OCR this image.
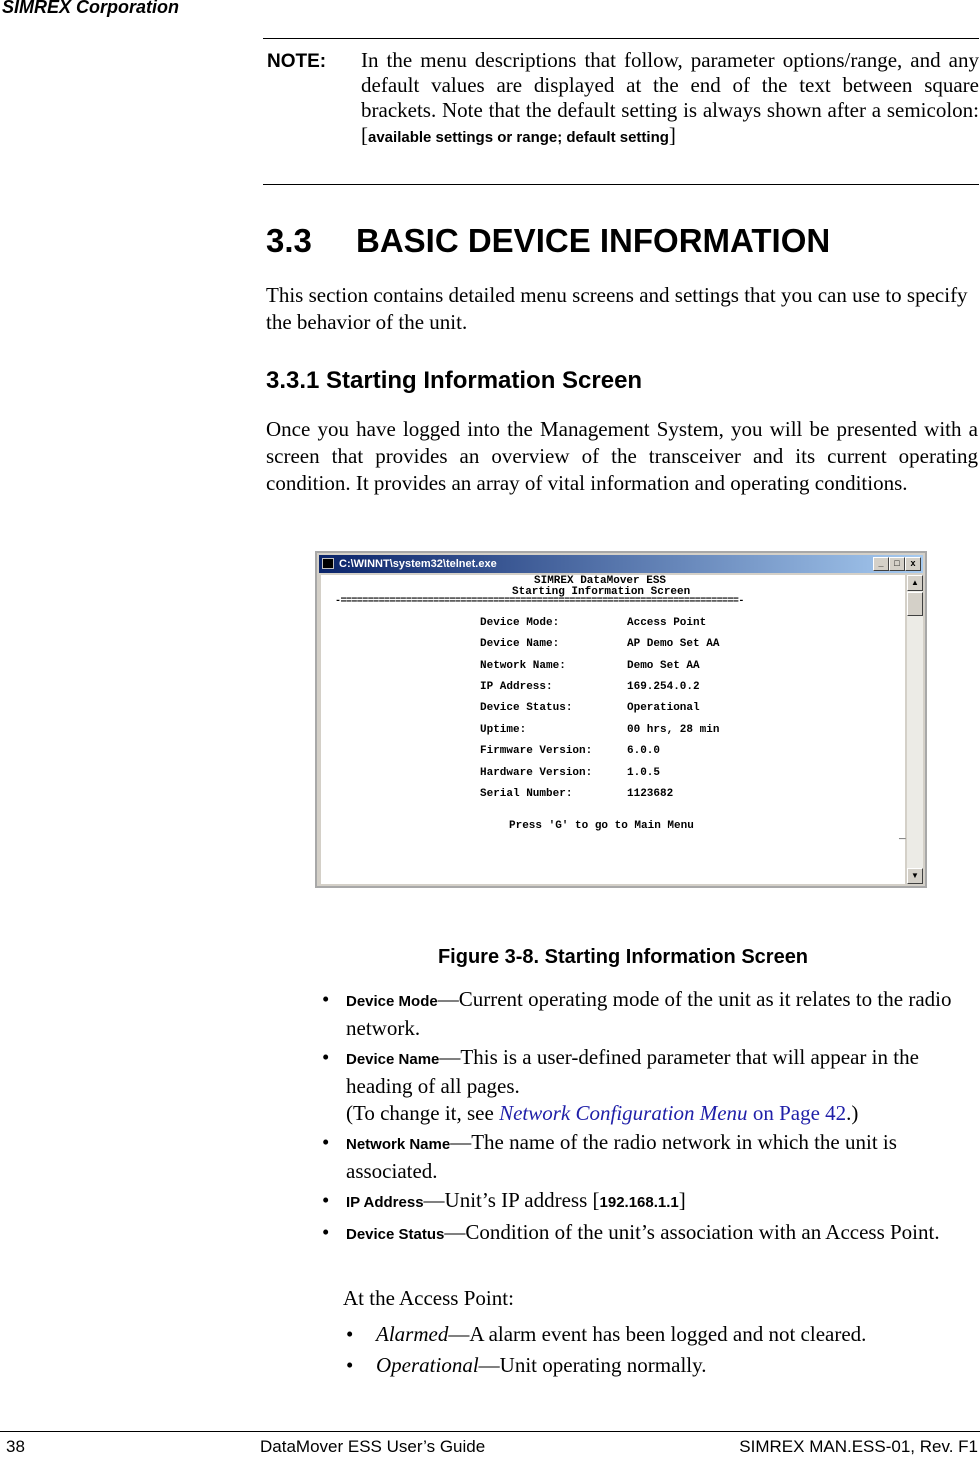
SIMREX Corporation
NOTE: In the menu descriptions that follow, parameter options/range, and any default values are displayed at the end of the text between square brackets. Note that the default setting is always shown after a semicolon: [available settings or range; default setting]
3.3 BASIC DEVICE INFORMATION
This section contains detailed menu screens and settings that you can use to specify the behavior of the unit.
3.3.1 Starting Information Screen
Once you have logged into the Management System, you will be presented with a screen that provides an overview of the transceiver and its current operating condition. It provides an array of vital information and operating conditions.
C:\WINNT\system32\telnet.exe	_	□	x
SIMREX DataMover ESS
Starting Information Screen
-=========================================================================-
Device Mode:	Access Point
Device Name:	AP Demo Set AA
Network Name:	Demo Set AA
IP Address:	169.254.0.2
Device Status:	Operational
Uptime:	00 hrs, 28 min
Firmware Version:	6.0.0
Hardware Version:	1.0.5
Serial Number:	1123682
Press 'G' to go to Main Menu
_
▲
▼
Figure 3-8. Starting Information Screen
• Device Mode—Current operating mode of the unit as it relates to the radio network.
• Device Name—This is a user-defined parameter that will appear in the heading of all pages.
(To change it, see Network Configuration Menu on Page 42.)
• Network Name—The name of the radio network in which the unit is associated.
• IP Address—Unit’s IP address [192.168.1.1]
• Device Status—Condition of the unit’s association with an Access Point.
At the Access Point:
• Alarmed—A alarm event has been logged and not cleared.
• Operational—Unit operating normally.
38	DataMover ESS User’s Guide	SIMREX MAN.ESS-01, Rev. F1
